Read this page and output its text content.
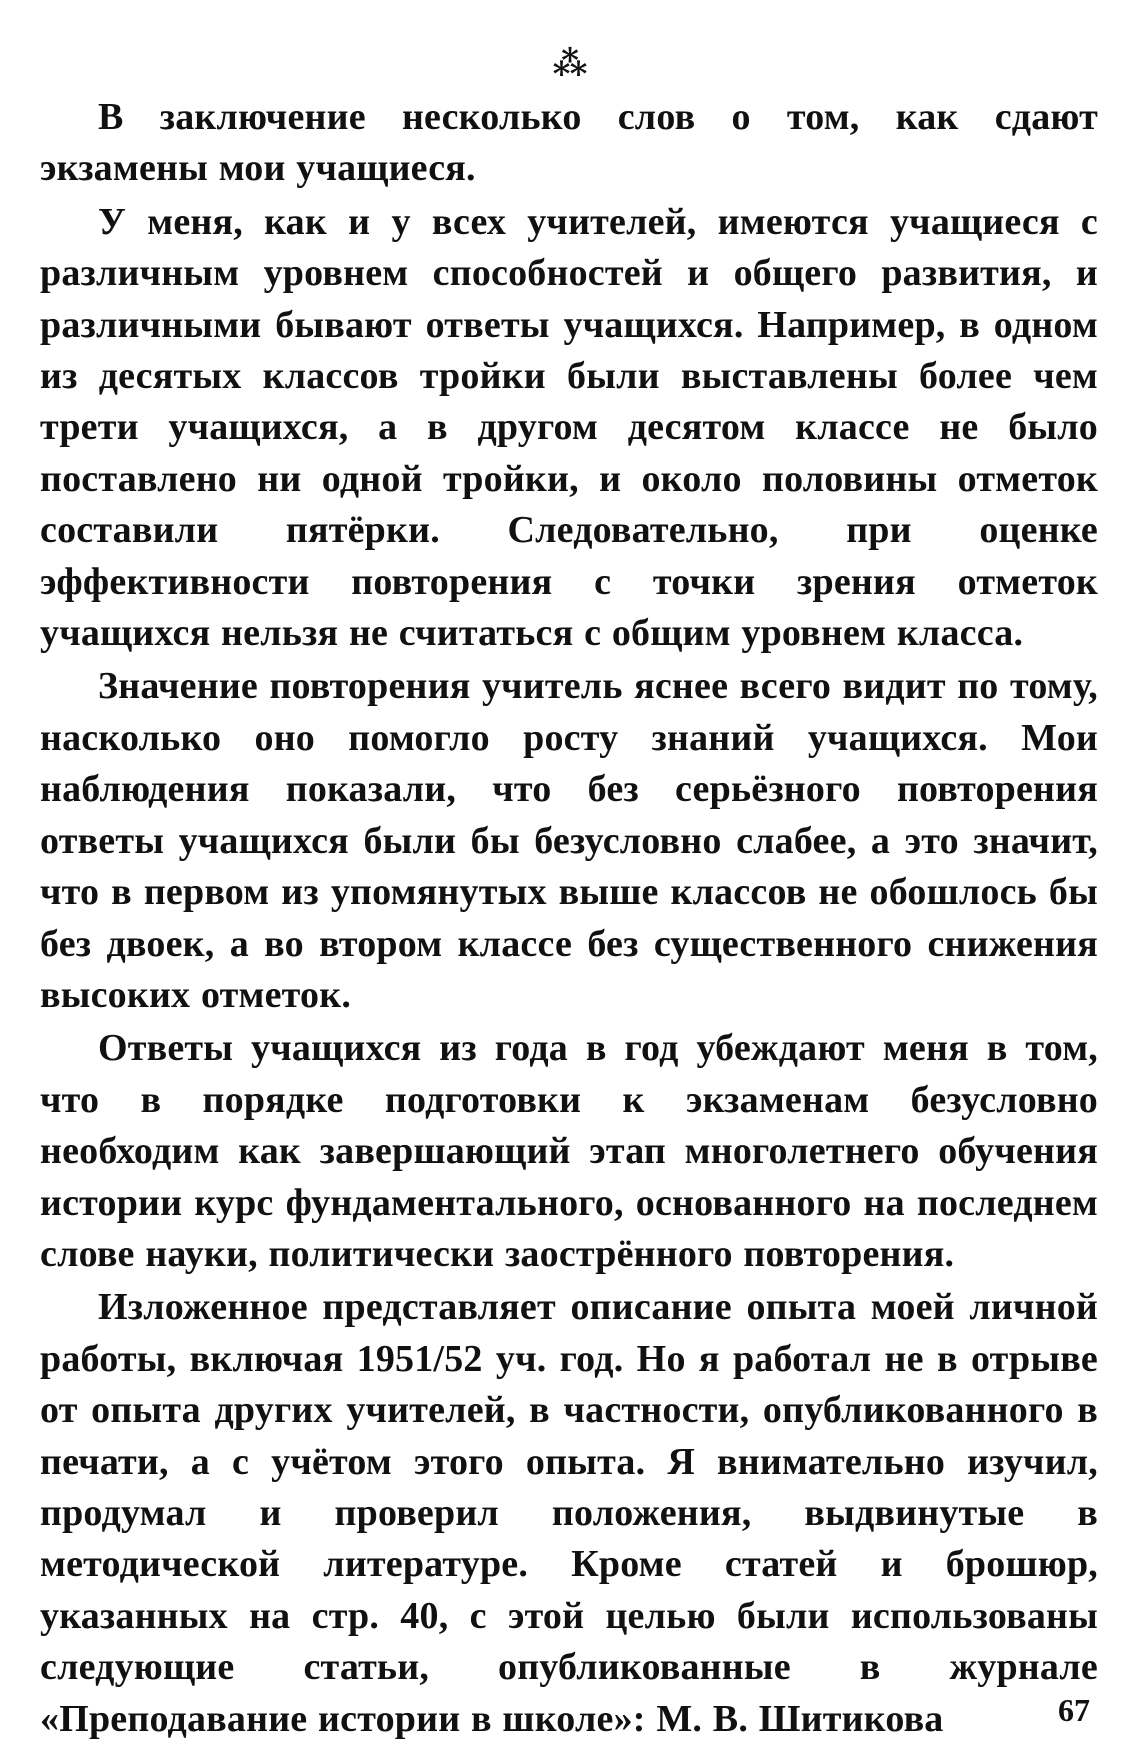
⁂

В заключение несколько слов о том, как сдают экзамены мои учащиеся.

У меня, как и у всех учителей, имеются учащиеся с различным уровнем способностей и общего развития, и различными бывают ответы учащихся. Например, в одном из десятых классов тройки были выставлены более чем трети учащихся, а в другом десятом классе не было поставлено ни одной тройки, и около половины отметок составили пятёрки. Следовательно, при оценке эффективности повторения с точки зрения отметок учащихся нельзя не считаться с общим уровнем класса.

Значение повторения учитель яснее всего видит по тому, насколько оно помогло росту знаний учащихся. Мои наблюдения показали, что без серьёзного повторения ответы учащихся были бы безусловно слабее, а это значит, что в первом из упомянутых выше классов не обошлось бы без двоек, а во втором классе без существенного снижения высоких отметок.

Ответы учащихся из года в год убеждают меня в том, что в порядке подготовки к экзаменам безусловно необходим как завершающий этап многолетнего обучения истории курс фундаментального, основанного на последнем слове науки, политически заострённого повторения.

Изложенное представляет описание опыта моей личной работы, включая 1951/52 уч. год. Но я работал не в отрыве от опыта других учителей, в частности, опубликованного в печати, а с учётом этого опыта. Я внимательно изучил, продумал и проверил положения, выдвинутые в методической литературе. Кроме статей и брошюр, указанных на стр. 40, с этой целью были использованы следующие статьи, опубликованные в журнале «Преподавание истории в школе»: М. В. Шитикова	67
